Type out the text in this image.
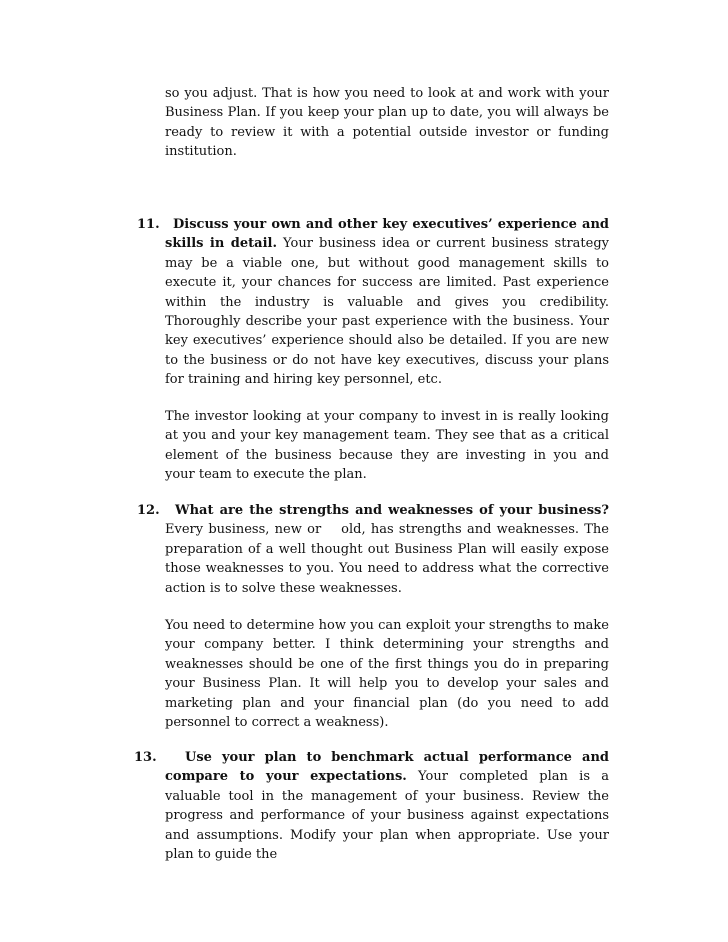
so you adjust. That is how you need to look at and work with your Business Plan. If you keep your plan up to date, you will always be ready to review it with a potential outside investor or funding institution.

11.	Discuss your own and other key executives’ experience and skills in detail. Your business idea or current business strategy may be a viable one, but without good management skills to execute it, your chances for success are limited. Past experience within the industry is valuable and gives you credibility. Thoroughly describe your past experience with the business. Your key executives’ experience should also be detailed. If you are new to the business or do not have key executives, discuss your plans for training and hiring key personnel, etc.

The investor looking at your company to invest in is really looking at you and your key management team. They see that as a critical element of the business because they are investing in you and your team to execute the plan.

12.	What are the strengths and weaknesses of your business? Every business, new or old, has strengths and weaknesses. The preparation of a well thought out Business Plan will easily expose those weaknesses to you. You need to address what the corrective action is to solve these weaknesses.

You need to determine how you can exploit your strengths to make your company better. I think determining your strengths and weaknesses should be one of the first things you do in preparing your Business Plan. It will help you to develop your sales and marketing plan and your financial plan (do you need to add personnel to correct a weakness).

13.	Use your plan to benchmark actual performance and compare to your expectations. Your completed plan is a valuable tool in the management of your business. Review the progress and performance of your business against expectations and assumptions. Modify your plan when appropriate. Use your plan to guide the
